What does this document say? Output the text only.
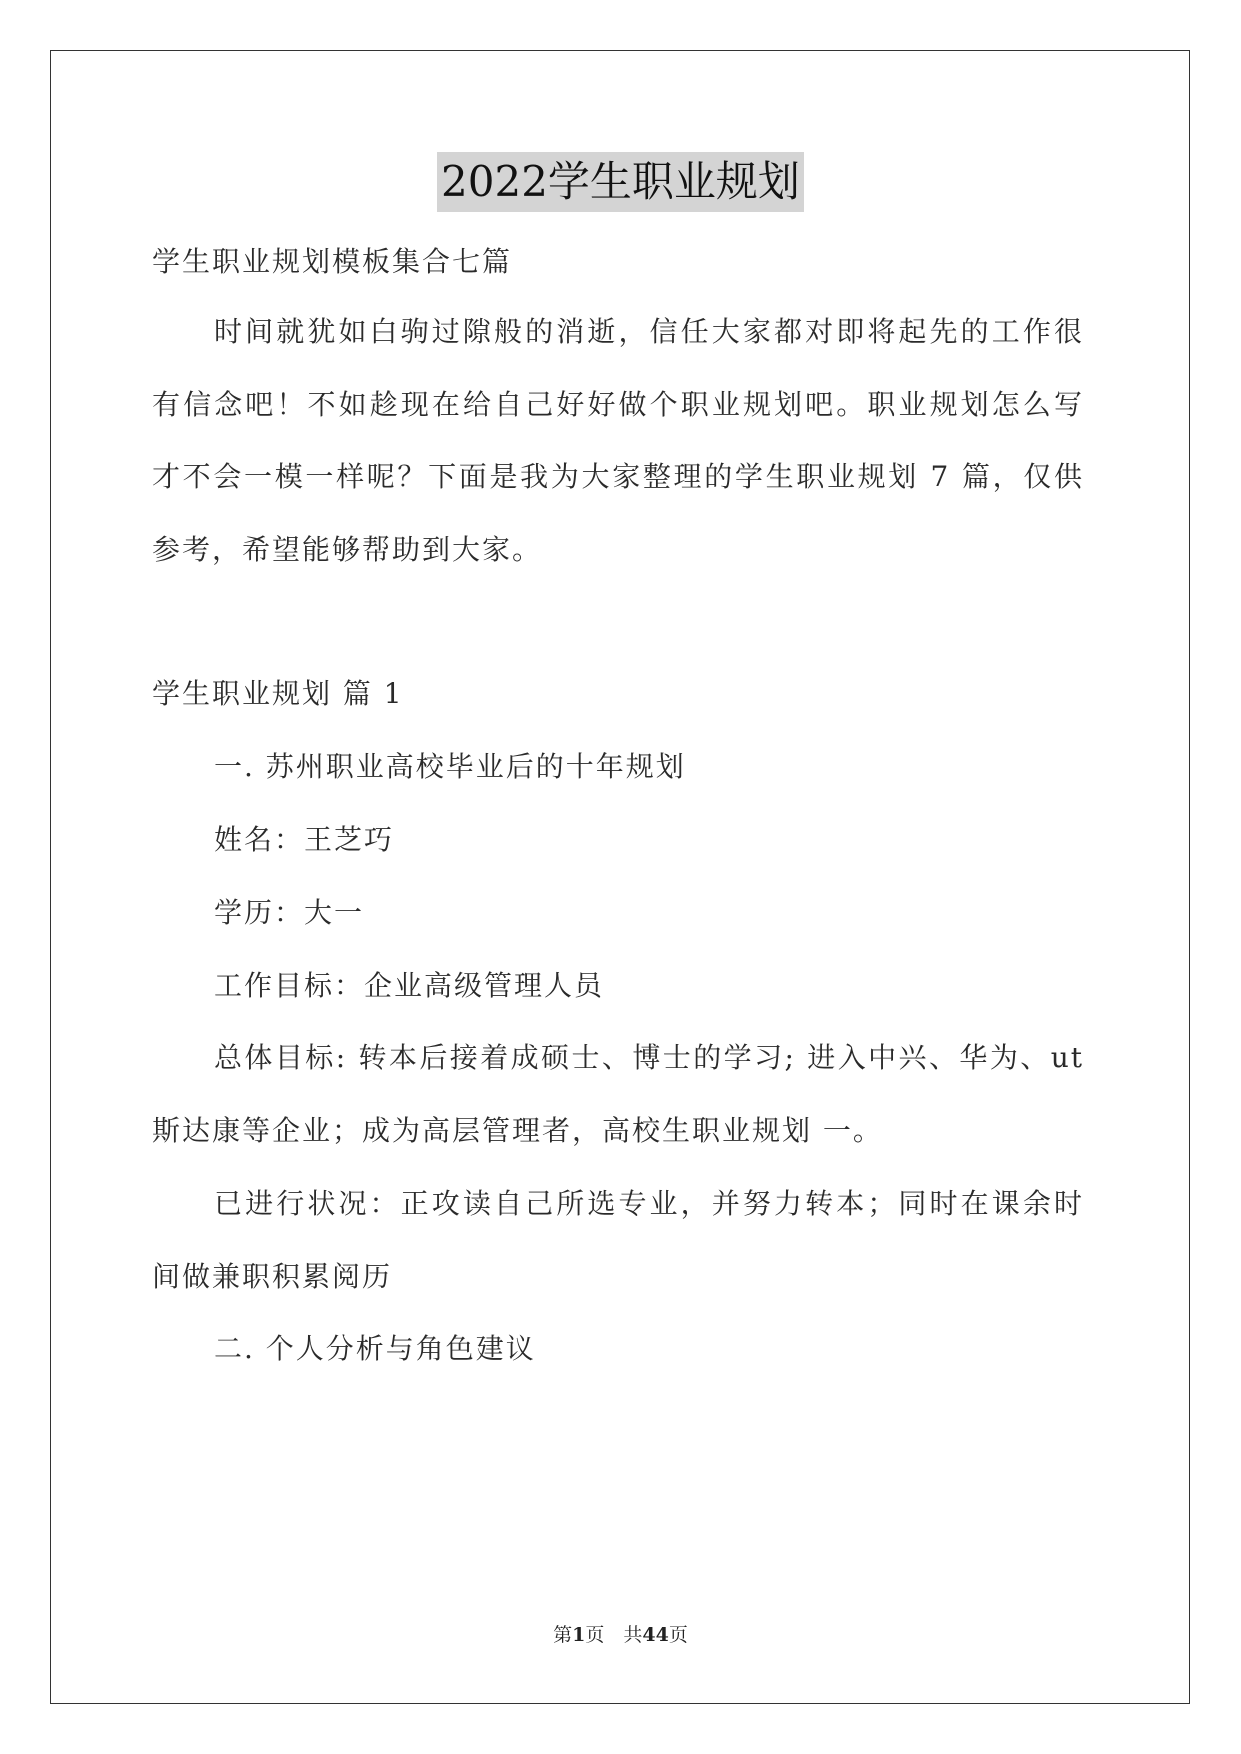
2022学生职业规划
学生职业规划模板集合七篇
时间就犹如白驹过隙般的消逝，信任大家都对即将起先的工作很
有信念吧！不如趁现在给自己好好做个职业规划吧。职业规划怎么写
才不会一模一样呢？下面是我为大家整理的学生职业规划 7 篇，仅供
参考，希望能够帮助到大家。
学生职业规划 篇 1
一. 苏州职业高校毕业后的十年规划
姓名：王芝巧
学历：大一
工作目标：企业高级管理人员
总体目标: 转本后接着成硕士、博士的学习; 进入中兴、华为、ut
斯达康等企业；成为高层管理者，高校生职业规划 一。
已进行状况：正攻读自己所选专业，并努力转本；同时在课余时
间做兼职积累阅历
二. 个人分析与角色建议
第1页　共44页
